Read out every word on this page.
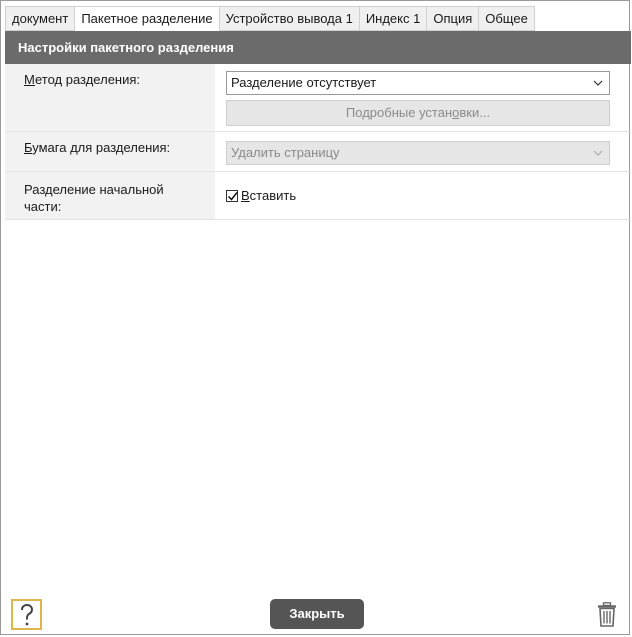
документ	Пакетное разделение	Устройство вывода 1	Индекс 1	Опция	Общее
Настройки пакетного разделения
Метод разделения:	Разделение отсутствует
Подробные установки...
Бумага для разделения:	Удалить страницу
Разделение начальной части:
Вставить
Закрыть
